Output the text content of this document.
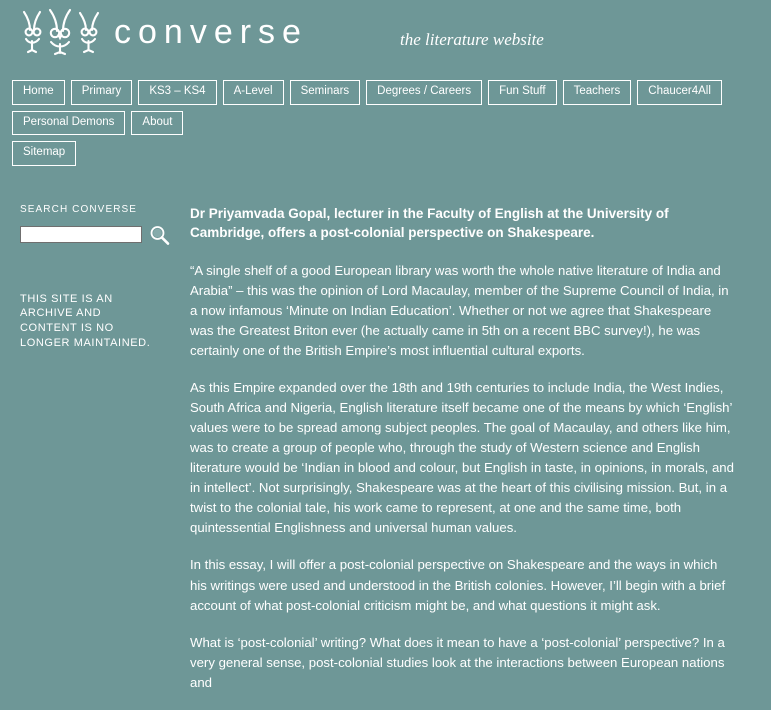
converse	the literature website
Home	Primary	KS3 – KS4	A-Level	Seminars	Degrees / Careers	Fun Stuff	Teachers	Chaucer4All
Personal Demons	About
Sitemap
SEARCH CONVERSE
THIS SITE IS AN ARCHIVE AND CONTENT IS NO LONGER MAINTAINED.

Dr Priyamvada Gopal, lecturer in the Faculty of English at the University of Cambridge, offers a post-colonial perspective on Shakespeare.

“A single shelf of a good European library was worth the whole native literature of India and Arabia” – this was the opinion of Lord Macaulay, member of the Supreme Council of India, in a now infamous ‘Minute on Indian Education’. Whether or not we agree that Shakespeare was the Greatest Briton ever (he actually came in 5th on a recent BBC survey!), he was certainly one of the British Empire’s most influential cultural exports.

As this Empire expanded over the 18th and 19th centuries to include India, the West Indies, South Africa and Nigeria, English literature itself became one of the means by which ‘English’ values were to be spread among subject peoples. The goal of Macaulay, and others like him, was to create a group of people who, through the study of Western science and English literature would be ‘Indian in blood and colour, but English in taste, in opinions, in morals, and in intellect’. Not surprisingly, Shakespeare was at the heart of this civilising mission. But, in a twist to the colonial tale, his work came to represent, at one and the same time, both quintessential Englishness and universal human values.

In this essay, I will offer a post-colonial perspective on Shakespeare and the ways in which his writings were used and understood in the British colonies. However, I’ll begin with a brief account of what post-colonial criticism might be, and what questions it might ask.

What is ‘post-colonial’ writing? What does it mean to have a ‘post-colonial’ perspective? In a very general sense, post-colonial studies look at the interactions between European nations and
